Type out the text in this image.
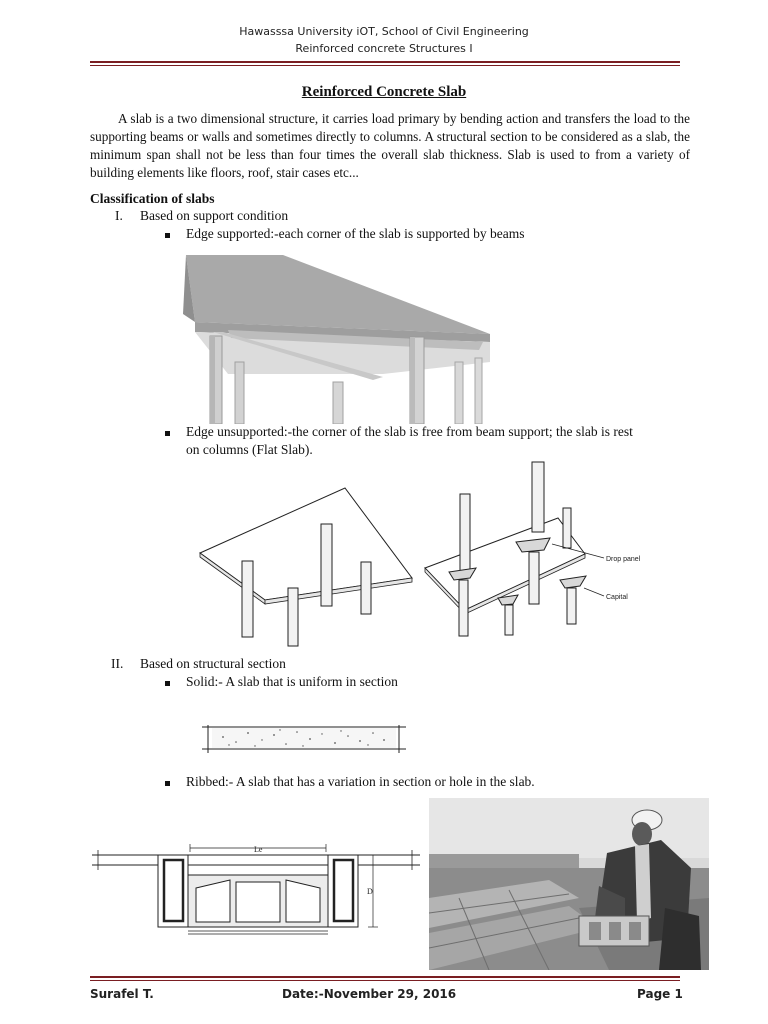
Hawasssa University iOT, School of Civil Engineering
Reinforced concrete Structures I
Reinforced Concrete Slab

A slab is a two dimensional structure, it carries load primary by bending action and transfers the load to the supporting beams or walls and sometimes directly to columns. A structural section to be considered as a slab, the minimum span shall not be less than four times the overall slab thickness. Slab is used to from a variety of building elements like floors, roof, stair cases etc...

Classification of slabs
I. Based on support condition
Edge supported:-each corner of the slab is supported by beams
Edge unsupported:-the corner of the slab is free from beam support; the slab is rest
on columns (Flat Slab).
Drop panel
Capital
II. Based on structural section
Solid:- A slab that is uniform in section
Ribbed:- A slab that has a variation in section or hole in the slab.
Le
D
Surafel T.	Date:-November 29, 2016	Page 1
